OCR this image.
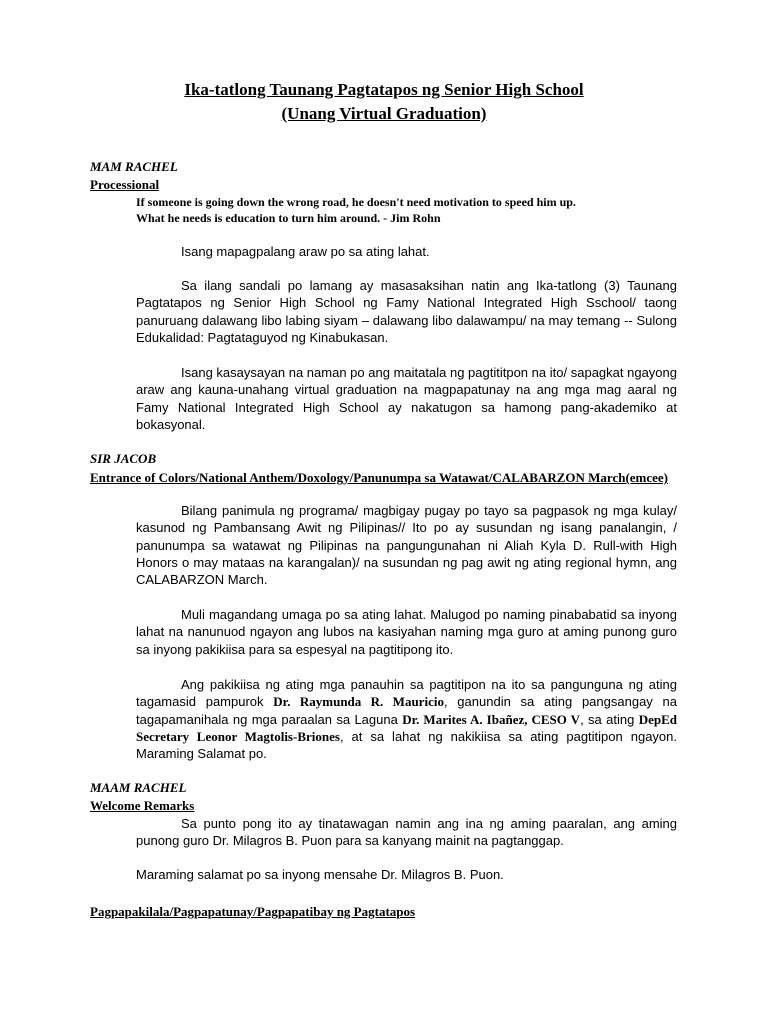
Ika-tatlong Taunang Pagtatapos ng Senior High School
(Unang Virtual Graduation)
MAM RACHEL
Processional
If someone is going down the wrong road, he doesn't need motivation to speed him up.
What he needs is education to turn him around. - Jim Rohn
Isang mapagpalang araw po sa ating lahat.
Sa ilang sandali po lamang ay masasaksihan natin ang Ika-tatlong (3) Taunang Pagtatapos ng Senior High School ng Famy National Integrated High Sschool/ taong panuruang dalawang libo labing siyam – dalawang libo dalawampu/ na may temang -- Sulong Edukalidad: Pagtataguyod ng Kinabukasan.
Isang kasaysayan na naman po ang maitatala ng pagtititpon na ito/ sapagkat ngayong araw ang kauna-unahang virtual graduation na magpapatunay na ang mga mag aaral ng Famy National Integrated High School ay nakatugon sa hamong pang-akademiko at bokasyonal.
SIR JACOB
Entrance of Colors/National Anthem/Doxology/Panunumpa sa Watawat/CALABARZON March(emcee)
Bilang panimula ng programa/ magbigay pugay po tayo sa pagpasok ng mga kulay/ kasunod ng Pambansang Awit ng Pilipinas// Ito po ay susundan ng isang panalangin, / panunumpa sa watawat ng Pilipinas na pangungunahan ni Aliah Kyla D. Rull-with High Honors o may mataas na karangalan)/ na susundan ng pag awit ng ating regional hymn, ang CALABARZON March.
Muli magandang umaga po sa ating lahat. Malugod po naming pinababatid sa inyong lahat na nanunuod ngayon ang lubos na kasiyahan naming mga guro at aming punong guro sa inyong pakikiisa para sa espesyal na pagtitipong ito.
Ang pakikiisa ng ating mga panauhin sa pagtitipon na ito sa pangunguna ng ating tagamasid pampurok Dr. Raymunda R. Mauricio, ganundin sa ating pangsangay na tagapamanihala ng mga paraalan sa Laguna Dr. Marites A. Ibañez, CESO V, sa ating DepEd Secretary Leonor Magtolis-Briones, at sa lahat ng nakikiisa sa ating pagtitipon ngayon. Maraming Salamat po.
MAAM RACHEL
Welcome Remarks
Sa punto pong ito ay tinatawagan namin ang ina ng aming paaralan, ang aming punong guro Dr. Milagros B. Puon para sa kanyang mainit na pagtanggap.
Maraming salamat po sa inyong mensahe Dr. Milagros B. Puon.
Pagpapakilala/Pagpapatunay/Pagpapatibay ng Pagtatapos
